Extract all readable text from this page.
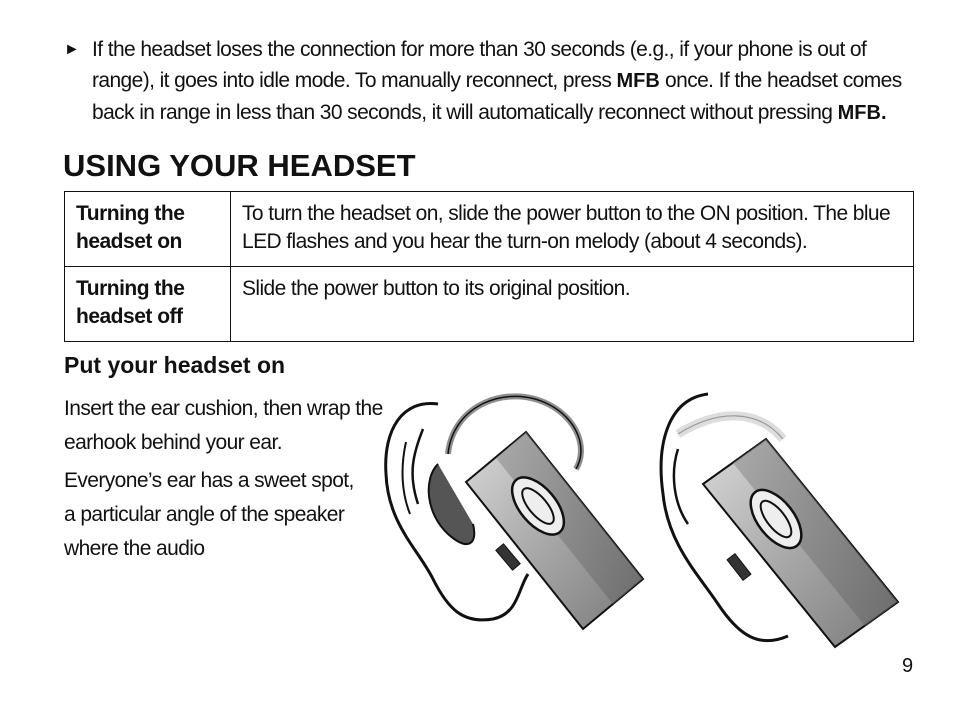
► If the headset loses the connection for more than 30 seconds (e.g., if your phone is out of range), it goes into idle mode. To manually reconnect, press MFB once. If the headset comes back in range in less than 30 seconds, it will automatically reconnect without pressing MFB.
USING YOUR HEADSET
Turning the headset on	To turn the headset on, slide the power button to the ON position. The blue LED flashes and you hear the turn-on melody (about 4 seconds).
Turning the headset off	Slide the power button to its original position.
Put your headset on

Insert the ear cushion, then wrap the earhook behind your ear.

Everyone’s ear has a sweet spot, a particular angle of the speaker where the audio

9
